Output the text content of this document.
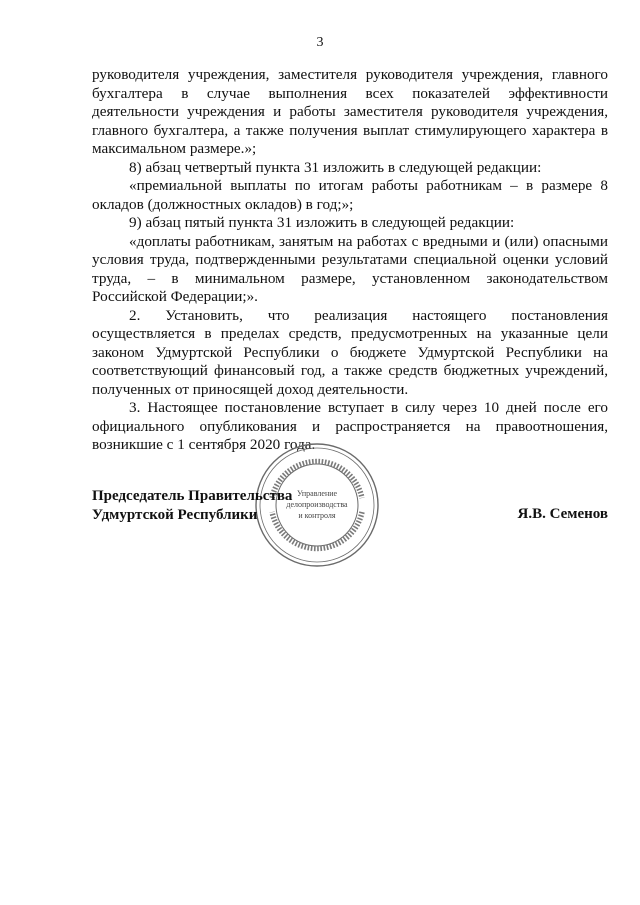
3

руководителя учреждения, заместителя руководителя учреждения, главного бухгалтера в случае выполнения всех показателей эффективности деятельности учреждения и работы заместителя руководителя учреждения, главного бухгалтера, а также получения выплат стимулирующего характера в максимальном размере.»;

8) абзац четвертый пункта 31 изложить в следующей редакции:

«премиальной выплаты по итогам работы работникам – в размере 8 окладов (должностных окладов) в год;»;

9) абзац пятый пункта 31 изложить в следующей редакции:

«доплаты работникам, занятым на работах с вредными и (или) опасными условия труда, подтвержденными результатами специальной оценки условий труда, – в минимальном размере, установленном законодательством Российской Федерации;».

2. Установить, что реализация настоящего постановления осуществляется в пределах средств, предусмотренных на указанные цели законом Удмуртской Республики о бюджете Удмуртской Республики на соответствующий финансовый год, а также средств бюджетных учреждений, полученных от приносящей доход деятельности.

3. Настоящее постановление вступает в силу через 10 дней после его официального опубликования и распространяется на правоотношения, возникшие с 1 сентября 2020 года.

Управление
делопроизводства
и контроля
Председатель Правительства
Удмуртской Республики	Я.В. Семенов
